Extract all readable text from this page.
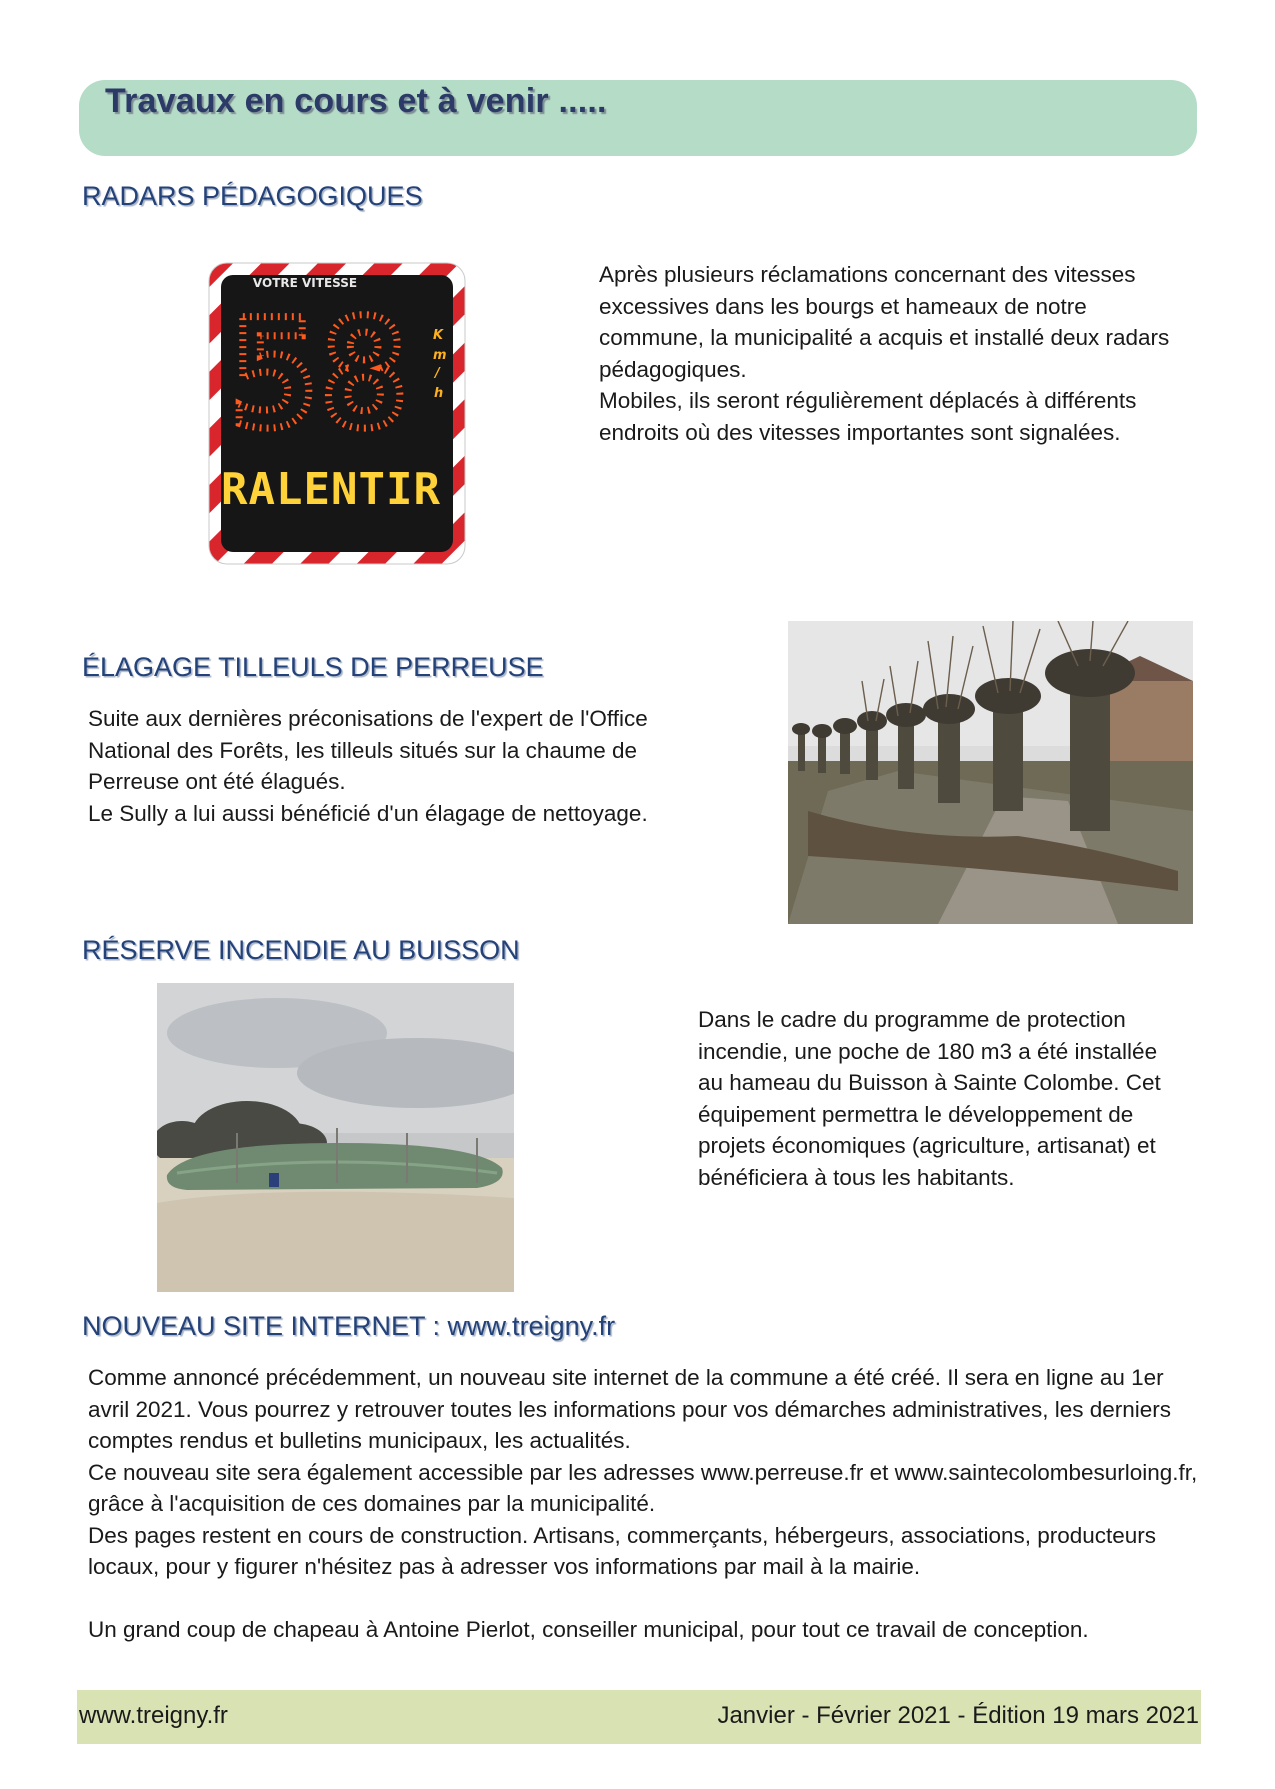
Travaux en cours et à venir .....
RADARS PÉDAGOGIQUES
VOTRE VITESSE
58 K
m
/
h
RALENTIR
Après plusieurs réclamations concernant des vitesses excessives dans les bourgs et hameaux de notre commune, la municipalité a acquis et installé deux radars pédagogiques.
Mobiles, ils seront régulièrement déplacés à différents endroits où des vitesses importantes sont signalées.
ÉLAGAGE TILLEULS DE PERREUSE
Suite aux dernières préconisations de l'expert de l'Office National des Forêts, les tilleuls situés sur la chaume de Perreuse ont été élagués.
Le Sully a lui aussi bénéficié d'un élagage de nettoyage.
RÉSERVE INCENDIE AU BUISSON
Dans le cadre du programme de protection incendie, une poche de 180 m3 a été installée au hameau du Buisson à Sainte Colombe. Cet équipement permettra le développement de projets économiques (agriculture, artisanat) et bénéficiera à tous les habitants.
NOUVEAU SITE INTERNET : www.treigny.fr
Comme annoncé précédemment, un nouveau site internet de la commune a été créé. Il sera en ligne au 1er avril 2021. Vous pourrez y retrouver toutes les informations pour vos démarches administratives, les derniers comptes rendus et bulletins municipaux, les actualités.
Ce nouveau site sera également accessible par les adresses www.perreuse.fr et www.saintecolombesurloing.fr, grâce à l'acquisition de ces domaines par la municipalité.
Des pages restent en cours de construction. Artisans, commerçants, hébergeurs, associations, producteurs locaux, pour y figurer n'hésitez pas à adresser vos informations par mail à la mairie.
Un grand coup de chapeau à Antoine Pierlot, conseiller municipal, pour tout ce travail de conception.
www.treigny.fr	Janvier - Février 2021 - Édition 19 mars 2021
